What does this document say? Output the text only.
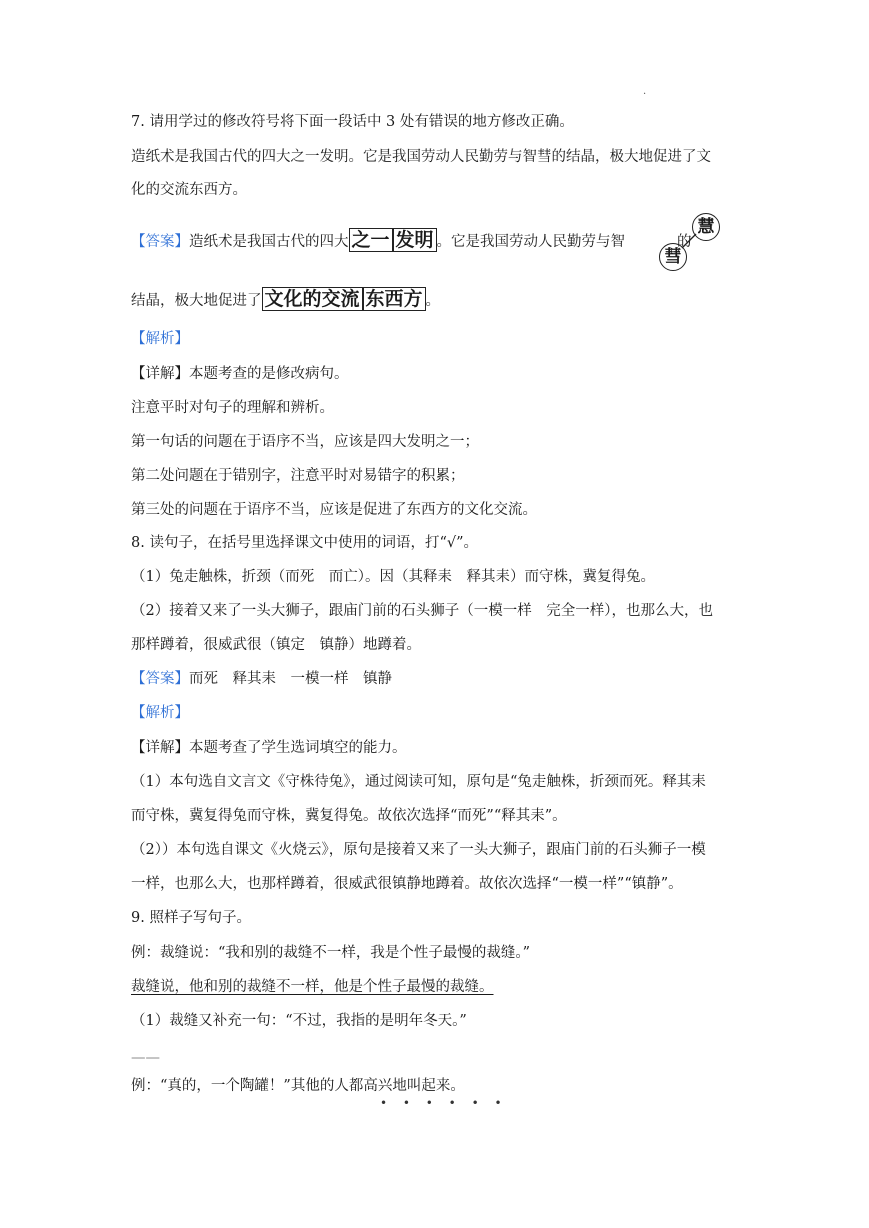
.
7. 请用学过的修改符号将下面一段话中 3 处有错误的地方修改正确。
造纸术是我国古代的四大之一发明。它是我国劳动人民勤劳与智彗的结晶，极大地促进了文
化的交流东西方。
【答案】造纸术是我国古代的四大 之一 发明 。它是我国劳动人民勤劳与智	的
慧
彗
结晶，极大地促进了 文化的交流 东西方 。
【解析】
【详解】本题考查的是修改病句。
注意平时对句子的理解和辨析。
第一句话的问题在于语序不当，应该是四大发明之一；
第二处问题在于错别字，注意平时对易错字的积累；
第三处的问题在于语序不当，应该是促进了东西方的文化交流。
8. 读句子，在括号里选择课文中使用的词语，打“√”。
（1）兔走触株，折颈（而死　而亡）。因（其释耒　释其耒）而守株，冀复得兔。
（2）接着又来了一头大狮子，跟庙门前的石头狮子（一模一样　完全一样），也那么大，也
那样蹲着，很威武很（镇定　镇静）地蹲着。
【答案】而死　释其耒　一模一样　镇静
【解析】
【详解】本题考查了学生选词填空的能力。
（1）本句选自文言文《守株待兔》，通过阅读可知，原句是“兔走触株，折颈而死。释其耒
而守株，冀复得兔而守株，冀复得兔。故依次选择“而死”“释其耒”。
（2））本句选自课文《火烧云》，原句是接着又来了一头大狮子，跟庙门前的石头狮子一模
一样，也那么大，也那样蹲着，很威武很镇静地蹲着。故依次选择“一模一样”“镇静”。
9. 照样子写句子。
例：裁缝说：“我和别的裁缝不一样，我是个性子最慢的裁缝。”
裁缝说，他和别的裁缝不一样，他是个性子最慢的裁缝。
（1）裁缝又补充一句：“不过，我指的是明年冬天。”
——
例：“真的，一个陶罐！”其他的人都高兴地叫起来。
• • • • • •
